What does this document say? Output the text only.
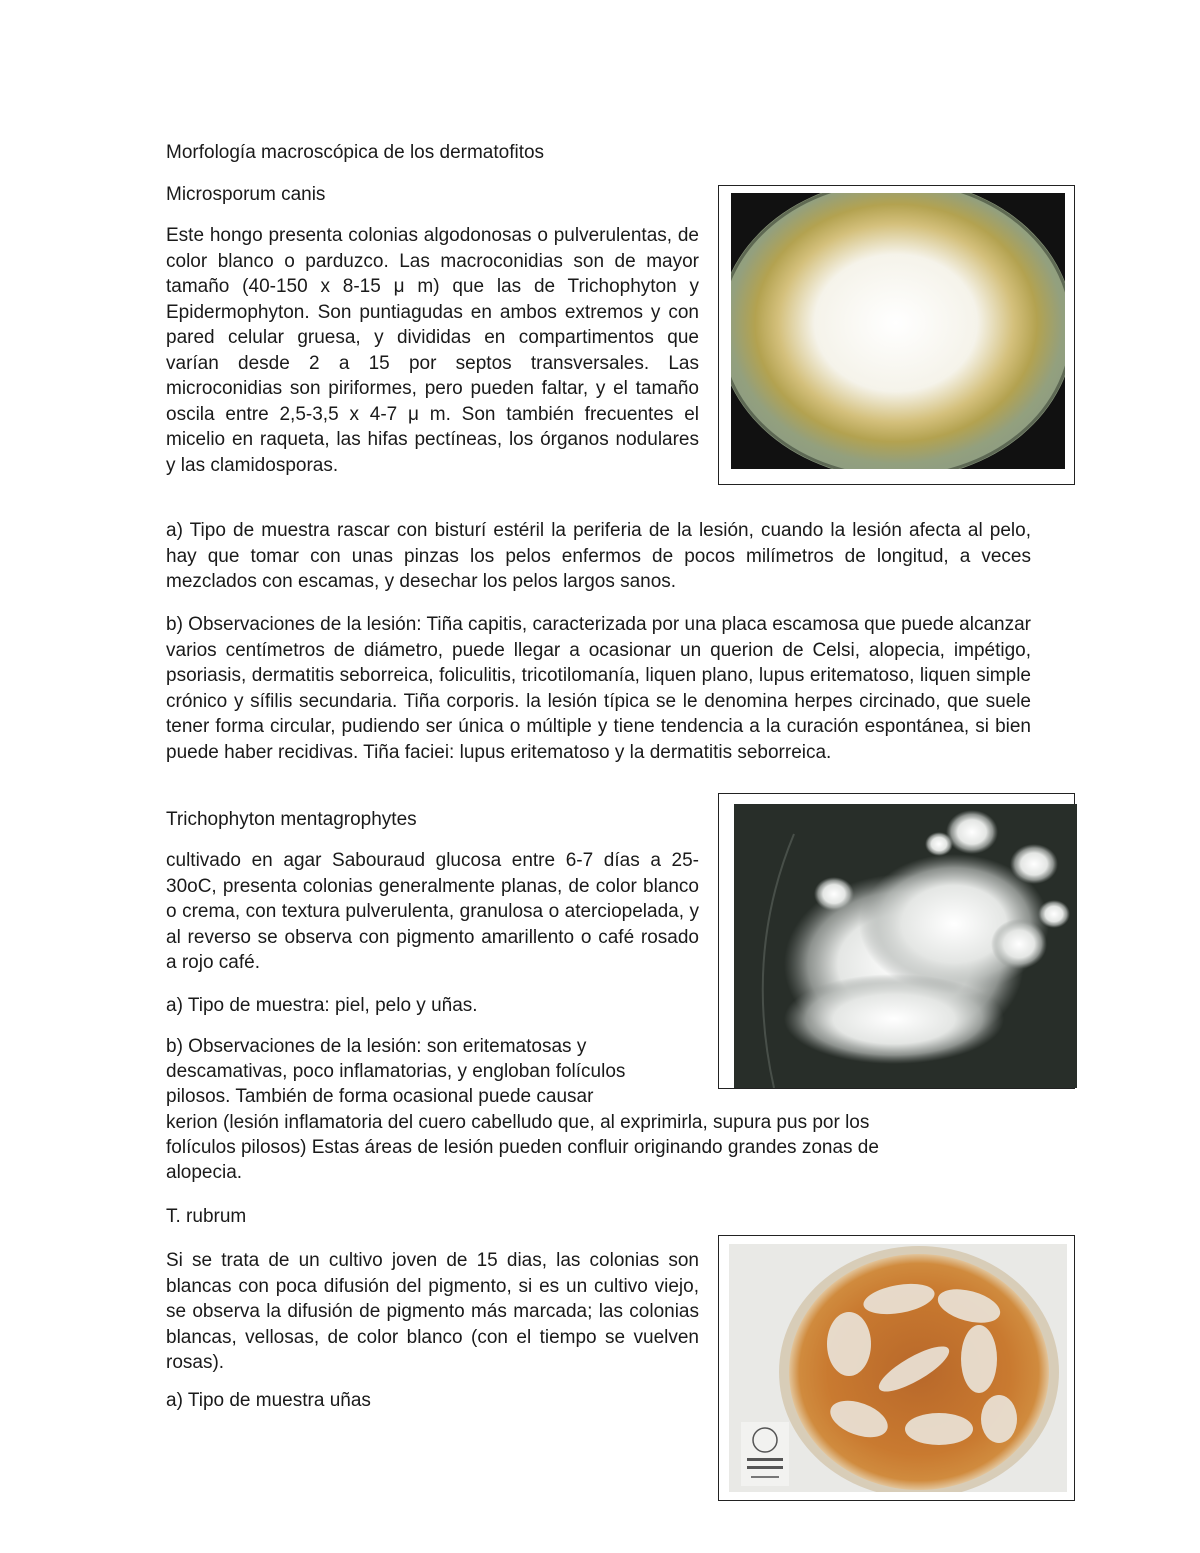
Morfología macroscópica de los dermatofitos

Microsporum canis

Este hongo presenta colonias algodonosas o pulverulentas, de color blanco o parduzco. Las macroconidias son de mayor tamaño (40-150 x 8-15 μ m) que las de Trichophyton y Epidermophyton. Son puntiagudas en ambos extremos y con pared celular gruesa, y divididas en compartimentos que varían desde 2 a 15 por septos transversales. Las microconidias son piriformes, pero pueden faltar, y el tamaño oscila entre 2,5-3,5 x 4-7 μ m. Son también frecuentes el micelio en raqueta, las hifas pectíneas, los órganos nodulares y las clamidosporas.

a) Tipo de muestra rascar con bisturí estéril la periferia de la lesión, cuando la lesión afecta al pelo, hay que tomar con unas pinzas los pelos enfermos de pocos milímetros de longitud, a veces mezclados con escamas, y desechar los pelos largos sanos.

b) Observaciones de la lesión: Tiña capitis, caracterizada por una placa escamosa que puede alcanzar varios centímetros de diámetro, puede llegar a ocasionar un querion de Celsi, alopecia, impétigo, psoriasis, dermatitis seborreica, foliculitis, tricotilomanía, liquen plano, lupus eritematoso, liquen simple crónico y sífilis secundaria. Tiña corporis. la lesión típica se le denomina herpes circinado, que suele tener forma circular, pudiendo ser única o múltiple y tiene tendencia a la curación espontánea, si bien puede haber recidivas. Tiña faciei: lupus eritematoso y la dermatitis seborreica.

Trichophyton mentagrophytes

cultivado en agar Sabouraud glucosa entre 6-7 días a 25-30oC, presenta colonias generalmente planas, de color blanco o crema, con textura pulverulenta, granulosa o aterciopelada, y al reverso se observa con pigmento amarillento o café rosado a rojo café.

a) Tipo de muestra: piel, pelo y uñas.

b) Observaciones de la lesión: son eritematosas y

descamativas, poco inflamatorias, y engloban folículos

pilosos. También de forma ocasional puede causar

kerion (lesión inflamatoria del cuero cabelludo que, al exprimirla, supura pus por los

folículos pilosos) Estas áreas de lesión pueden confluir originando grandes zonas de

alopecia.

T. rubrum

Si se trata de un cultivo joven de 15 dias, las colonias son blancas con poca difusión del pigmento, si es un cultivo viejo, se observa la difusión de pigmento más marcada; las colonias blancas, vellosas, de color blanco (con el tiempo se vuelven rosas).

a) Tipo de muestra uñas
